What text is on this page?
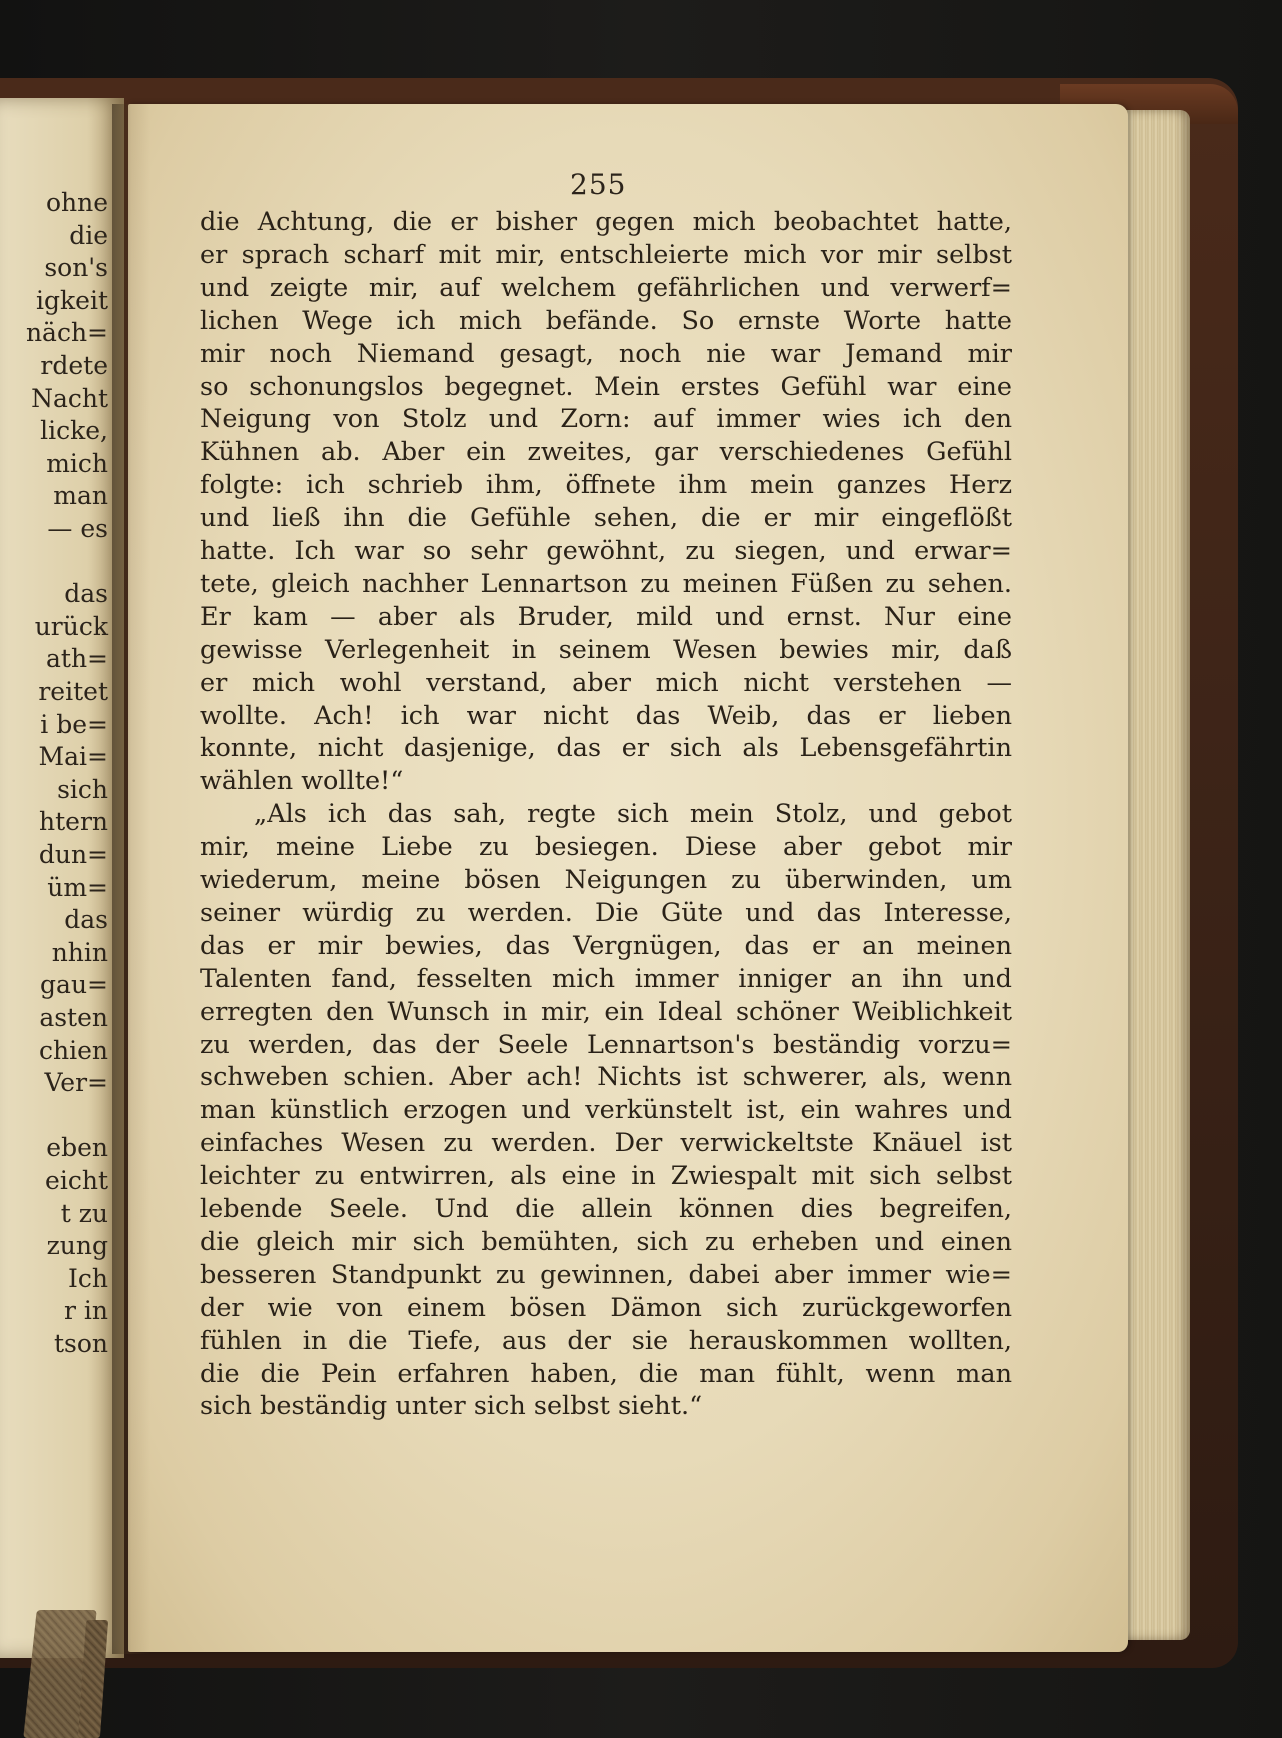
ohne
die
son's
igkeit
näch=
rdete
Nacht
licke,
mich
man
— es
das
urück
ath=
reitet
i be=
Mai=
sich
htern
dun=
üm=
das
nhin
gau=
asten
chien
Ver=
eben
eicht
t zu
zung
Ich
r in
tson
255
die Achtung, die er bisher gegen mich beobachtet hatte,
er sprach scharf mit mir, entschleierte mich vor mir selbst
und zeigte mir, auf welchem gefährlichen und verwerf=
lichen Wege ich mich befände. So ernste Worte hatte
mir noch Niemand gesagt, noch nie war Jemand mir
so schonungslos begegnet. Mein erstes Gefühl war eine
Neigung von Stolz und Zorn: auf immer wies ich den
Kühnen ab. Aber ein zweites, gar verschiedenes Gefühl
folgte: ich schrieb ihm, öffnete ihm mein ganzes Herz
und ließ ihn die Gefühle sehen, die er mir eingeflößt
hatte. Ich war so sehr gewöhnt, zu siegen, und erwar=
tete, gleich nachher Lennartson zu meinen Füßen zu sehen.
Er kam — aber als Bruder, mild und ernst. Nur eine
gewisse Verlegenheit in seinem Wesen bewies mir, daß
er mich wohl verstand, aber mich nicht verstehen —
wollte. Ach! ich war nicht das Weib, das er lieben
konnte, nicht dasjenige, das er sich als Lebensgefährtin
wählen wollte!“
„Als ich das sah, regte sich mein Stolz, und gebot
mir, meine Liebe zu besiegen. Diese aber gebot mir
wiederum, meine bösen Neigungen zu überwinden, um
seiner würdig zu werden. Die Güte und das Interesse,
das er mir bewies, das Vergnügen, das er an meinen
Talenten fand, fesselten mich immer inniger an ihn und
erregten den Wunsch in mir, ein Ideal schöner Weiblichkeit
zu werden, das der Seele Lennartson's beständig vorzu=
schweben schien. Aber ach! Nichts ist schwerer, als, wenn
man künstlich erzogen und verkünstelt ist, ein wahres und
einfaches Wesen zu werden. Der verwickeltste Knäuel ist
leichter zu entwirren, als eine in Zwiespalt mit sich selbst
lebende Seele. Und die allein können dies begreifen,
die gleich mir sich bemühten, sich zu erheben und einen
besseren Standpunkt zu gewinnen, dabei aber immer wie=
der wie von einem bösen Dämon sich zurückgeworfen
fühlen in die Tiefe, aus der sie herauskommen wollten,
die die Pein erfahren haben, die man fühlt, wenn man
sich beständig unter sich selbst sieht.“
